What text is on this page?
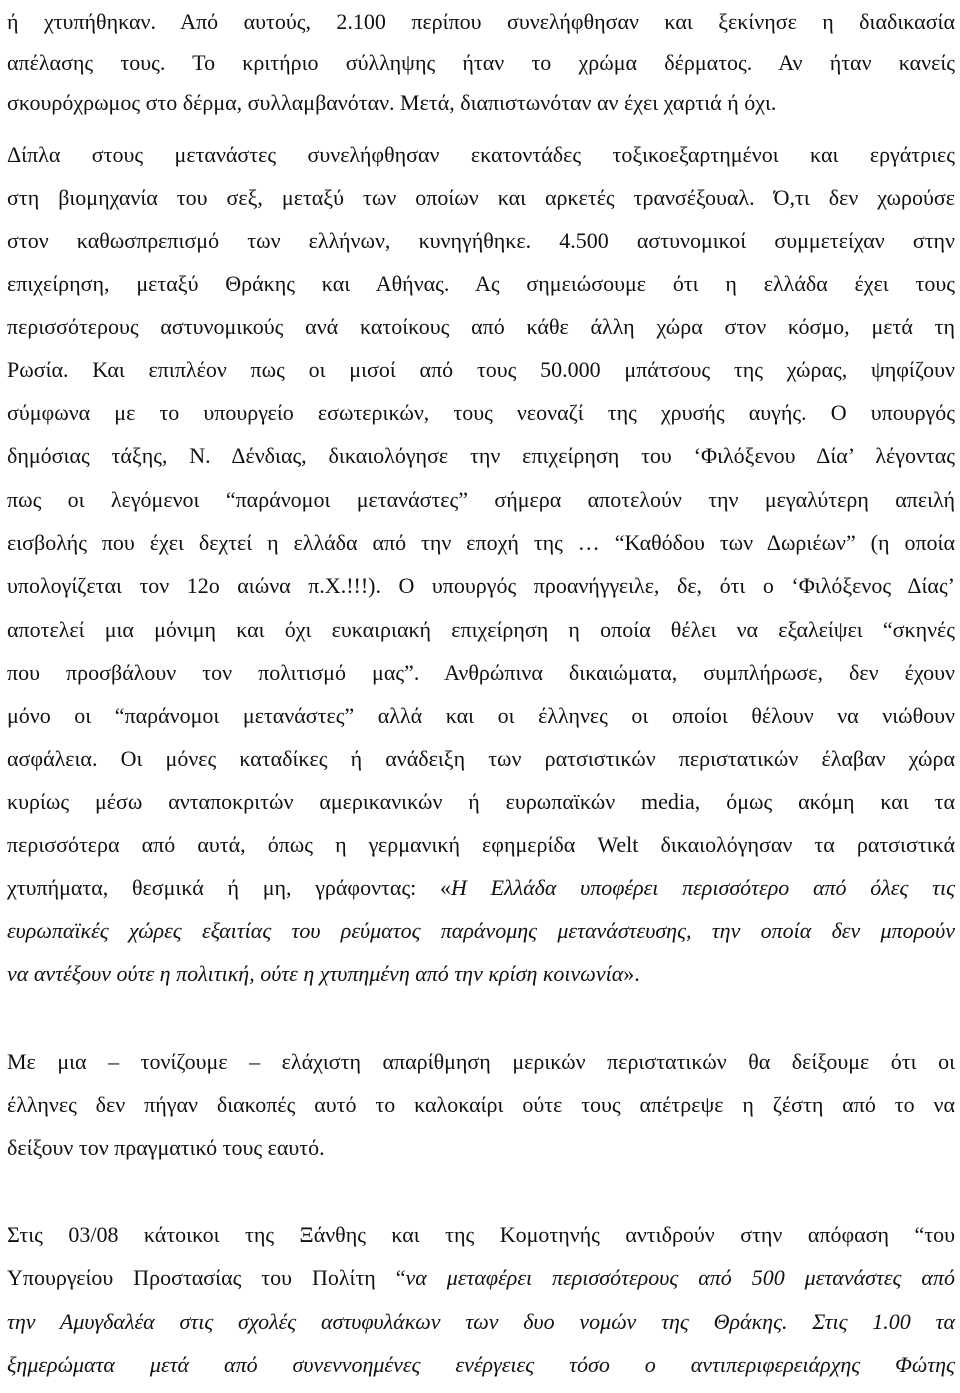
ή χτυπήθηκαν. Από αυτούς, 2.100 περίπου συνελήφθησαν και ξεκίνησε η διαδικασία
απέλασης τους. Το κριτήριο σύλληψης ήταν το χρώμα δέρματος. Αν ήταν κανείς
σκουρόχρωμος στο δέρμα, συλλαμβανόταν. Μετά, διαπιστωνόταν αν έχει χαρτιά ή όχι.
Δίπλα στους μετανάστες συνελήφθησαν εκατοντάδες τοξικοεξαρτημένοι και εργάτριες
στη βιομηχανία του σεξ, μεταξύ των οποίων και αρκετές τρανσέξουαλ. Ό,τι δεν χωρούσε
στον καθωσπρεπισμό των ελλήνων, κυνηγήθηκε. 4.500 αστυνομικοί συμμετείχαν στην
επιχείρηση, μεταξύ Θράκης και Αθήνας. Ας σημειώσουμε ότι η ελλάδα έχει τους
περισσότερους αστυνομικούς ανά κατοίκους από κάθε άλλη χώρα στον κόσμο, μετά τη
Ρωσία. Και επιπλέον πως οι μισοί από τους 50.000 μπάτσους της χώρας, ψηφίζουν
σύμφωνα με το υπουργείο εσωτερικών, τους νεοναζί της χρυσής αυγής. Ο υπουργός
δημόσιας τάξης, Ν. Δένδιας, δικαιολόγησε την επιχείρηση του ‘Φιλόξενου Δία’ λέγοντας
πως οι λεγόμενοι “παράνομοι μετανάστες” σήμερα αποτελούν την μεγαλύτερη απειλή
εισβολής που έχει δεχτεί η ελλάδα από την εποχή της … “Καθόδου των Δωριέων” (η οποία
υπολογίζεται τον 12ο αιώνα π.Χ.!!!). Ο υπουργός προανήγγειλε, δε, ότι ο ‘Φιλόξενος Δίας’
αποτελεί μια μόνιμη και όχι ευκαιριακή επιχείρηση η οποία θέλει να εξαλείψει “σκηνές
που προσβάλουν τον πολιτισμό μας”. Ανθρώπινα δικαιώματα, συμπλήρωσε, δεν έχουν
μόνο οι “παράνομοι μετανάστες” αλλά και οι έλληνες οι οποίοι θέλουν να νιώθουν
ασφάλεια. Οι μόνες καταδίκες ή ανάδειξη των ρατσιστικών περιστατικών έλαβαν χώρα
κυρίως μέσω ανταποκριτών αμερικανικών ή ευρωπαϊκών media, όμως ακόμη και τα
περισσότερα από αυτά, όπως η γερμανική εφημερίδα Welt δικαιολόγησαν τα ρατσιστικά
χτυπήματα, θεσμικά ή μη, γράφοντας: «Η Ελλάδα υποφέρει περισσότερο από όλες τις
ευρωπαϊκές χώρες εξαιτίας του ρεύματος παράνομης μετανάστευσης, την οποία δεν μπορούν
να αντέξουν ούτε η πολιτική, ούτε η χτυπημένη από την κρίση κοινωνία».
Με μια – τονίζουμε – ελάχιστη απαρίθμηση μερικών περιστατικών θα δείξουμε ότι οι
έλληνες δεν πήγαν διακοπές αυτό το καλοκαίρι ούτε τους απέτρεψε η ζέστη από το να
δείξουν τον πραγματικό τους εαυτό.
Στις 03/08 κάτοικοι της Ξάνθης και της Κομοτηνής αντιδρούν στην απόφαση “του
Υπουργείου Προστασίας του Πολίτη “να μεταφέρει περισσότερους από 500 μετανάστες από
την Αμυγδαλέα στις σχολές αστυφυλάκων των δυο νομών της Θράκης. Στις 1.00 τα
ξημερώματα μετά από συνεννοημένες ενέργειες τόσο ο αντιπεριφερειάρχης Φώτης
